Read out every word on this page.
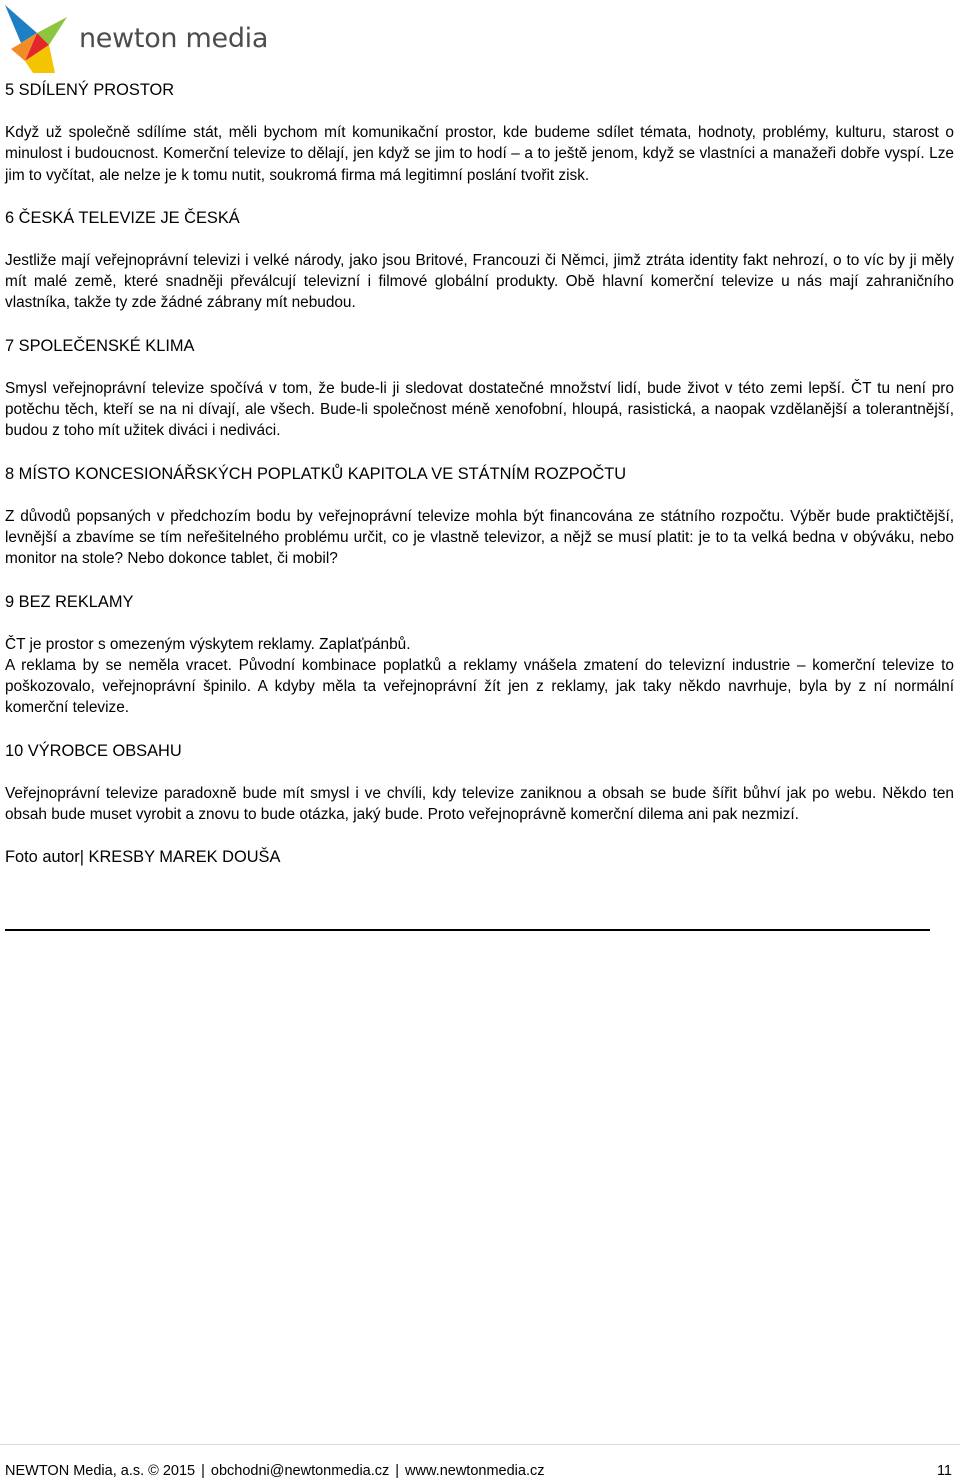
newton media
5 SDÍLENÝ PROSTOR
Když už společně sdílíme stát, měli bychom mít komunikační prostor, kde budeme sdílet témata, hodnoty, problémy, kulturu, starost o minulost i budoucnost. Komerční televize to dělají, jen když se jim to hodí – a to ještě jenom, když se vlastníci a manažeři dobře vyspí. Lze jim to vyčítat, ale nelze je k tomu nutit, soukromá firma má legitimní poslání tvořit zisk.
6 ČESKÁ TELEVIZE JE ČESKÁ
Jestliže mají veřejnoprávní televizi i velké národy, jako jsou Britové, Francouzi či Němci, jimž ztráta identity fakt nehrozí, o to víc by ji měly mít malé země, které snadněji převálcují televizní i filmové globální produkty. Obě hlavní komerční televize u nás mají zahraničního vlastníka, takže ty zde žádné zábrany mít nebudou.
7 SPOLEČENSKÉ KLIMA
Smysl veřejnoprávní televize spočívá v tom, že bude-li ji sledovat dostatečné množství lidí, bude život v této zemi lepší. ČT tu není pro potěchu těch, kteří se na ni dívají, ale všech. Bude-li společnost méně xenofobní, hloupá, rasistická, a naopak vzdělanější a tolerantnější, budou z toho mít užitek diváci i nediváci.
8 MÍSTO KONCESIONÁŘSKÝCH POPLATKŮ KAPITOLA VE STÁTNÍM ROZPOČTU
Z důvodů popsaných v předchozím bodu by veřejnoprávní televize mohla být financována ze státního rozpočtu. Výběr bude praktičtější, levnější a zbavíme se tím neřešitelného problému určit, co je vlastně televizor, a nějž se musí platit: je to ta velká bedna v obýváku, nebo monitor na stole? Nebo dokonce tablet, či mobil?
9 BEZ REKLAMY
ČT je prostor s omezeným výskytem reklamy. Zaplaťpánbů.
A reklama by se neměla vracet. Původní kombinace poplatků a reklamy vnášela zmatení do televizní industrie – komerční televize to poškozovalo, veřejnoprávní špinilo. A kdyby měla ta veřejnoprávní žít jen z reklamy, jak taky někdo navrhuje, byla by z ní normální komerční televize.
10 VÝROBCE OBSAHU
Veřejnoprávní televize paradoxně bude mít smysl i ve chvíli, kdy televize zaniknou a obsah se bude šířit bůhví jak po webu. Někdo ten obsah bude muset vyrobit a znovu to bude otázka, jaký bude. Proto veřejnoprávně komerční dilema ani pak nezmizí.
Foto autor| KRESBY MAREK DOUŠA
NEWTON Media, a.s. © 2015 | obchodni@newtonmedia.cz | www.newtonmedia.cz	11
